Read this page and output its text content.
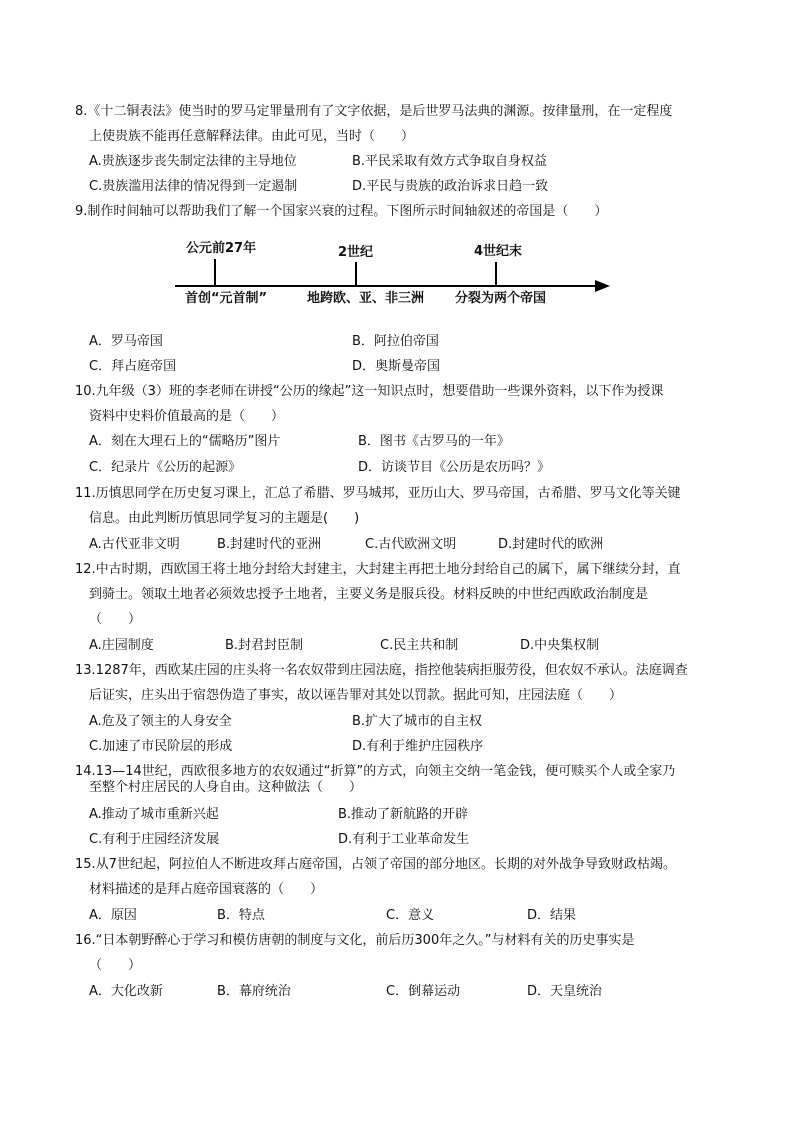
8.《十二铜表法》使当时的罗马定罪量刑有了文字依据，是后世罗马法典的渊源。按律量刑，在一定程度
上使贵族不能再任意解释法律。由此可见，当时（　　）
A.贵族逐步丧失制定法律的主导地位	B.平民采取有效方式争取自身权益
C.贵族滥用法律的情况得到一定遏制	D.平民与贵族的政治诉求日趋一致
9.制作时间轴可以帮助我们了解一个国家兴衰的过程。下图所示时间轴叙述的帝国是（　　）
公元前27年	2世纪	4世纪末
首创“元首制”	地跨欧、亚、非三洲 分裂为两个帝国
A．罗马帝国	B．阿拉伯帝国
C．拜占庭帝国	D．奥斯曼帝国
10.九年级（3）班的李老师在讲授“公历的缘起”这一知识点时，想要借助一些课外资料，以下作为授课
资料中史料价值最高的是（　　）
A．刻在大理石上的“儒略历”图片	B．图书《古罗马的一年》
C．纪录片《公历的起源》	D．访谈节目《公历是农历吗？》
11.历慎思同学在历史复习课上，汇总了希腊、罗马城邦，亚历山大、罗马帝国，古希腊、罗马文化等关键
信息。由此判断历慎思同学复习的主题是(　　)
A.古代亚非文明	B.封建时代的亚洲	C.古代欧洲文明	D.封建时代的欧洲
12.中古时期，西欧国王将土地分封给大封建主，大封建主再把土地分封给自己的属下，属下继续分封，直
到骑士。领取土地者必须效忠授予土地者，主要义务是服兵役。材料反映的中世纪西欧政治制度是
（　　）
A.庄园制度	B.封君封臣制	C.民主共和制	D.中央集权制
13.1287年，西欧某庄园的庄头将一名农奴带到庄园法庭，指控他装病拒服劳役，但农奴不承认。法庭调查
后证实，庄头出于宿怨伪造了事实，故以诬告罪对其处以罚款。据此可知，庄园法庭（　　）
A.危及了领主的人身安全	B.扩大了城市的自主权
C.加速了市民阶层的形成	D.有利于维护庄园秩序
14.13—14世纪，西欧很多地方的农奴通过“折算”的方式，向领主交纳一笔金钱，便可赎买个人或全家乃
至整个村庄居民的人身自由。这种做法（　　）
A.推动了城市重新兴起	B.推动了新航路的开辟
C.有利于庄园经济发展	D.有利于工业革命发生
15.从7世纪起，阿拉伯人不断进攻拜占庭帝国，占领了帝国的部分地区。长期的对外战争导致财政枯竭。
材料描述的是拜占庭帝国衰落的（　　）
A．原因	B．特点	C．意义	D．结果
16.“日本朝野醉心于学习和模仿唐朝的制度与文化，前后历300年之久。”与材料有关的历史事实是
（　　）
A．大化改新	B．幕府统治	C．倒幕运动	D．天皇统治
